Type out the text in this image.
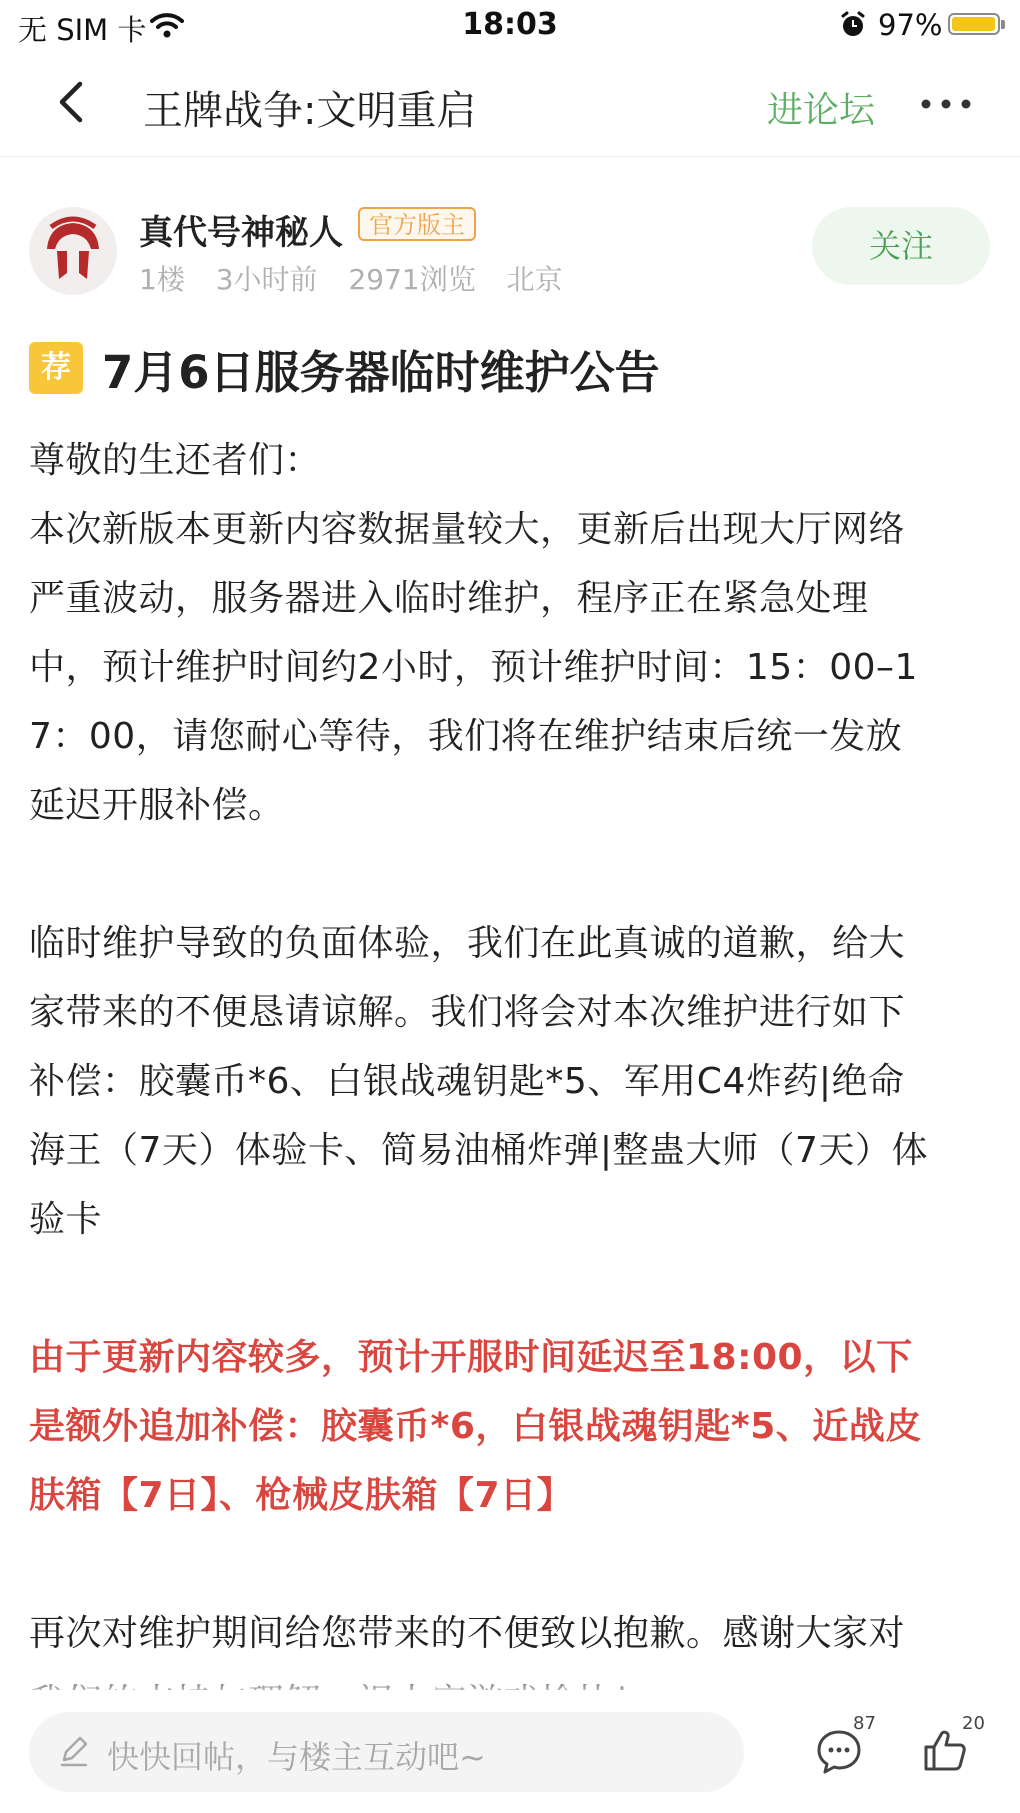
无 SIM 卡	18:03	97%
王牌战争:文明重启	进论坛
真代号神秘人	官方版主
1楼 3小时前 2971浏览 北京
关注
荐 7月6日服务器临时维护公告

尊敬的生还者们：

本次新版本更新内容数据量较大，更新后出现大厅网络

严重波动，服务器进入临时维护，程序正在紧急处理

中，预计维护时间约2小时，预计维护时间：15：00–1

7：00，请您耐心等待，我们将在维护结束后统一发放

延迟开服补偿。

临时维护导致的负面体验，我们在此真诚的道歉，给大

家带来的不便恳请谅解。我们将会对本次维护进行如下

补偿：胶囊币*6、白银战魂钥匙*5、军用C4炸药|绝命

海王（7天）体验卡、简易油桶炸弹|整蛊大师（7天）体

验卡

由于更新内容较多，预计开服时间延迟至18:00，以下

是额外追加补偿：胶囊币*6，白银战魂钥匙*5、近战皮

肤箱【7日】、枪械皮肤箱【7日】

再次对维护期间给您带来的不便致以抱歉。感谢大家对

快快回帖，与楼主互动吧~
87	20
